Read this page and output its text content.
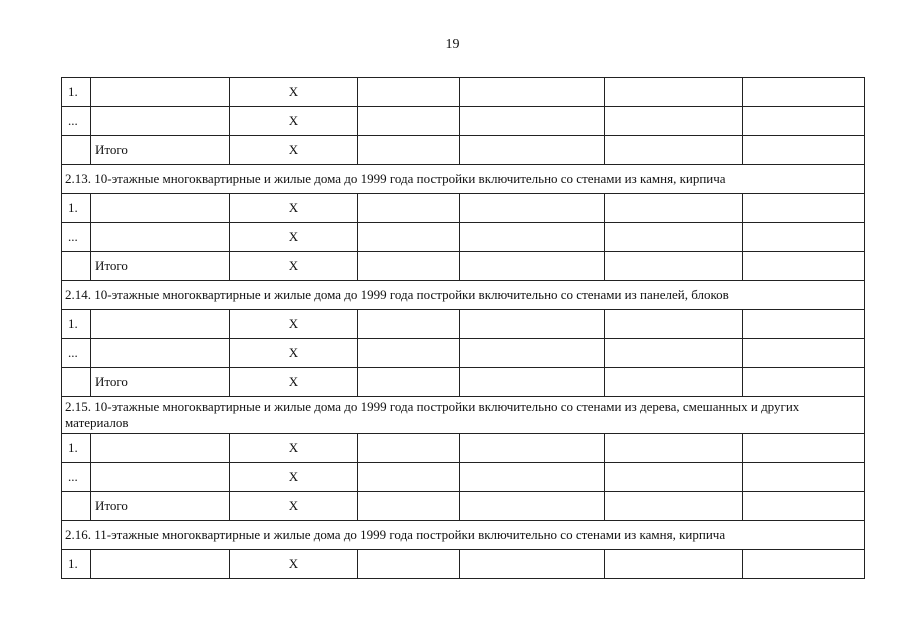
19
1.		X				
...		X				
	Итого	X				
2.13. 10-этажные многоквартирные и жилые дома до 1999 года постройки включительно со стенами из камня, кирпича						
1.		X				
...		X				
	Итого	X				
2.14. 10-этажные многоквартирные и жилые дома до 1999 года постройки включительно со стенами из панелей, блоков						
1.		X				
...		X				
	Итого	X				
2.15. 10-этажные многоквартирные и жилые дома до 1999 года постройки включительно со стенами из дерева, смешанных и других материалов						
1.		X				
...		X				
	Итого	X				
2.16. 11-этажные многоквартирные и жилые дома до 1999 года постройки включительно со стенами из камня, кирпича						
1.		X				
